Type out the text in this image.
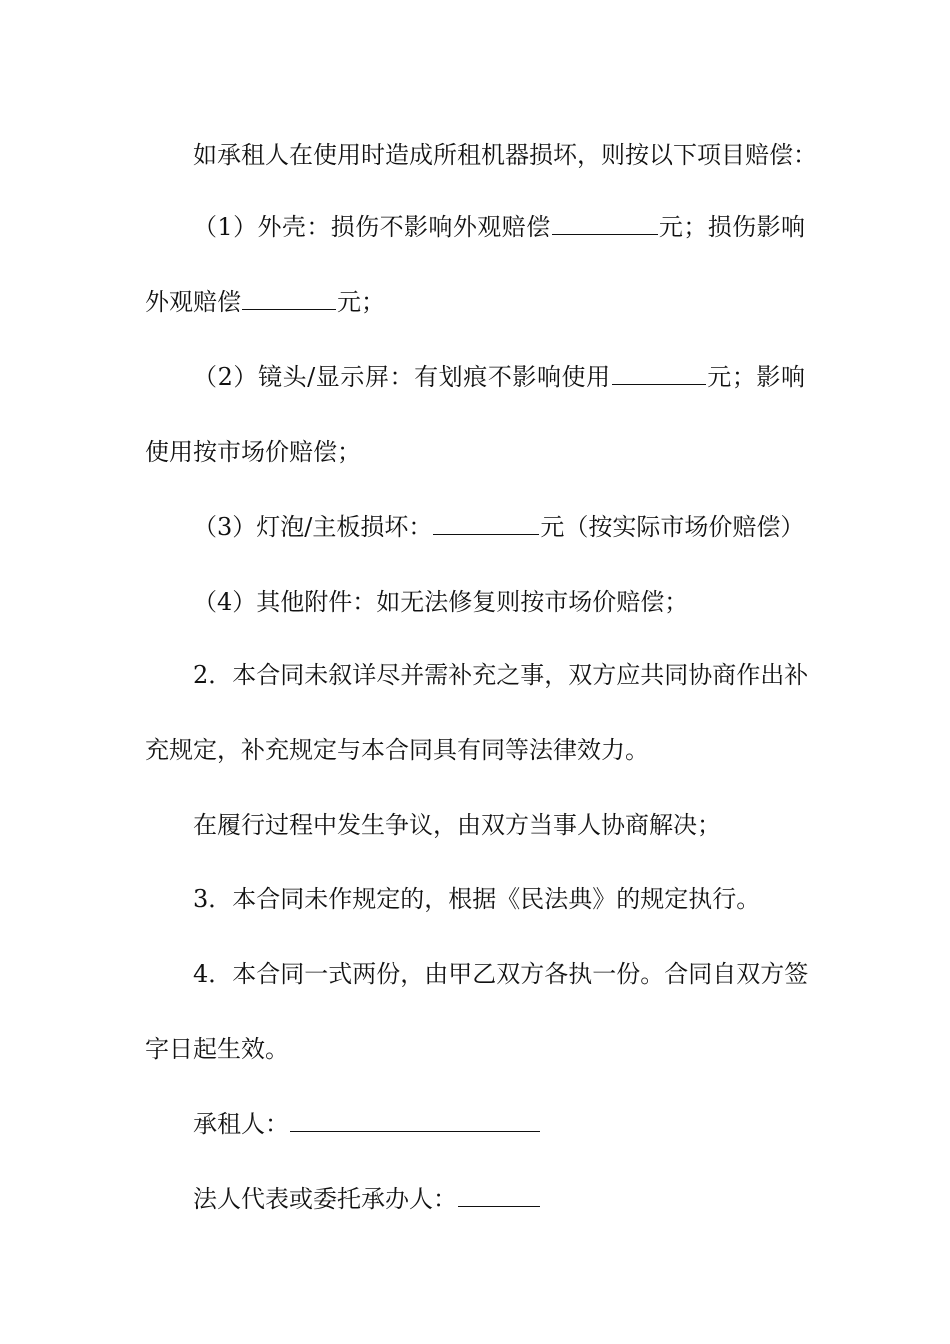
如承租人在使用时造成所租机器损坏，则按以下项目赔偿：
（1）外壳：损伤不影响外观赔偿	元；损伤影响
外观赔偿	元；
（2）镜头/显示屏：有划痕不影响使用	元；影响
使用按市场价赔偿；
（3）灯泡/主板损坏：	元（按实际市场价赔偿）
（4）其他附件：如无法修复则按市场价赔偿；
2．本合同未叙详尽并需补充之事，双方应共同协商作出补
充规定，补充规定与本合同具有同等法律效力。
在履行过程中发生争议，由双方当事人协商解决；
3．本合同未作规定的，根据《民法典》的规定执行。
4．本合同一式两份，由甲乙双方各执一份。合同自双方签
字日起生效。
承租人：
法人代表或委托承办人：
